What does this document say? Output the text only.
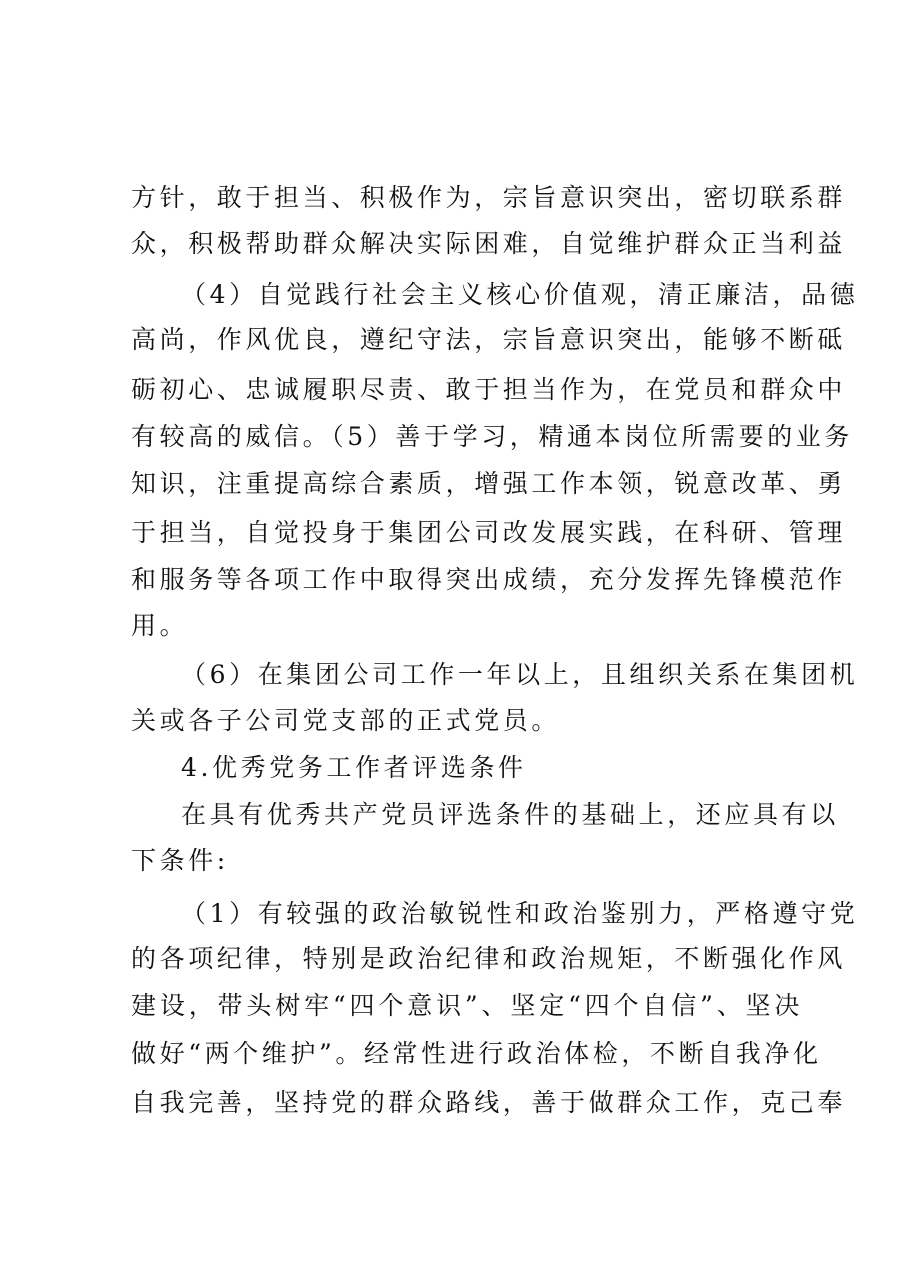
方针，敢于担当、积极作为，宗旨意识突出，密切联系群
众，积极帮助群众解决实际困难，自觉维护群众正当利益
（4）自觉践行社会主义核心价值观，清正廉洁，品德
高尚，作风优良，遵纪守法，宗旨意识突出，能够不断砥
砺初心、忠诚履职尽责、敢于担当作为，在党员和群众中
有较高的威信。（5）善于学习，精通本岗位所需要的业务
知识，注重提高综合素质，增强工作本领，锐意改革、勇
于担当，自觉投身于集团公司改发展实践，在科研、管理
和服务等各项工作中取得突出成绩，充分发挥先锋模范作
用。
（6）在集团公司工作一年以上，且组织关系在集团机
关或各子公司党支部的正式党员。
4.优秀党务工作者评选条件
在具有优秀共产党员评选条件的基础上，还应具有以
下条件:
（1）有较强的政治敏锐性和政治鉴别力，严格遵守党
的各项纪律，特别是政治纪律和政治规矩，不断强化作风
建设，带头树牢“四个意识”、坚定“四个自信”、坚决
做好“两个维护”。经常性进行政治体检，不断自我净化
自我完善，坚持党的群众路线，善于做群众工作，克己奉
